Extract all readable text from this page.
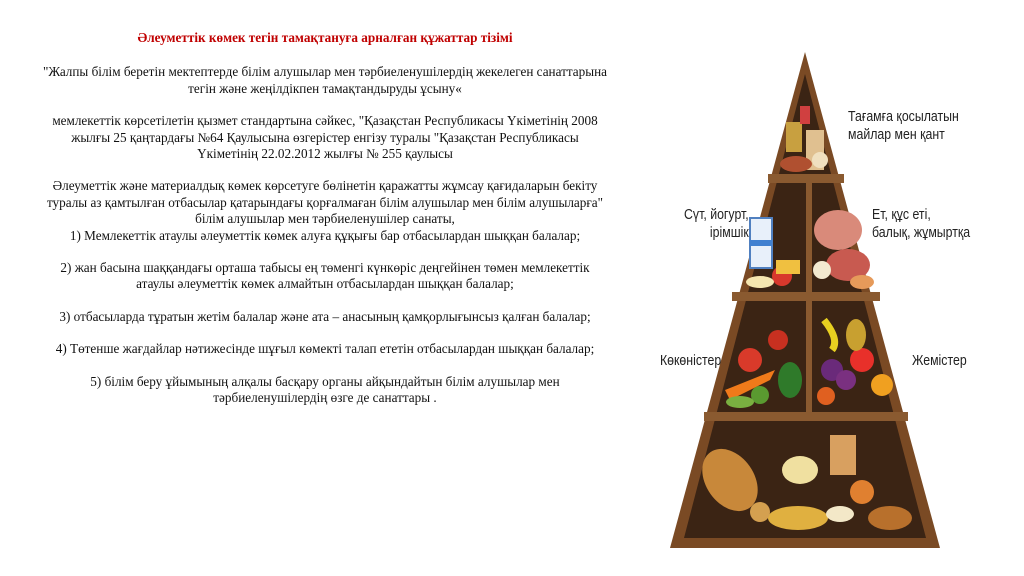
Әлеуметтік көмек тегін тамақтануға арналған құжаттар тізімі

"Жалпы білім беретін мектептерде білім алушылар мен тәрбиеленушілердің жекелеген санаттарына тегін және жеңілдікпен тамақтандыруды ұсыну«

мемлекеттік көрсетілетін қызмет стандартына сәйкес, "Қазақстан Республикасы Үкіметінің 2008 жылғы 25 қаңтардағы №64 Қаулысына өзгерістер енгізу туралы "Қазақстан Республикасы Үкіметінің 22.02.2012 жылғы № 255 қаулысы

Әлеуметтік және материалдық көмек көрсетуге бөлінетін қаражатты жұмсау қағидаларын бекіту туралы аз қамтылған отбасылар қатарындағы қорғалмаған білім алушылар мен білім алушыларға" білім алушылар мен тәрбиеленушілер санаты,

1) Мемлекеттік атаулы әлеуметтік көмек алуға құқығы бар отбасылардан шыққан балалар;

2) жан басына шаққандағы орташа табысы ең төменгі күнкөріс деңгейінен төмен мемлекеттік атаулы әлеуметтік көмек алмайтын отбасылардан шыққан балалар;

3) отбасыларда тұратын жетім балалар және ата – анасының қамқорлығынсыз қалған балалар;

4) Төтенше жағдайлар нәтижесінде шұғыл көмекті талап ететін отбасылардан шыққан балалар;

5) білім беру ұйымының алқалы басқару органы айқындайтын білім алушылар мен тәрбиеленушілердің өзге де санаттары .

Тағамға қосылатын
майлар мен қант
Сүт, йогурт,
ірімшік
Ет, құс еті,
балық, жұмыртқа
Көкөністер	Жемістер
